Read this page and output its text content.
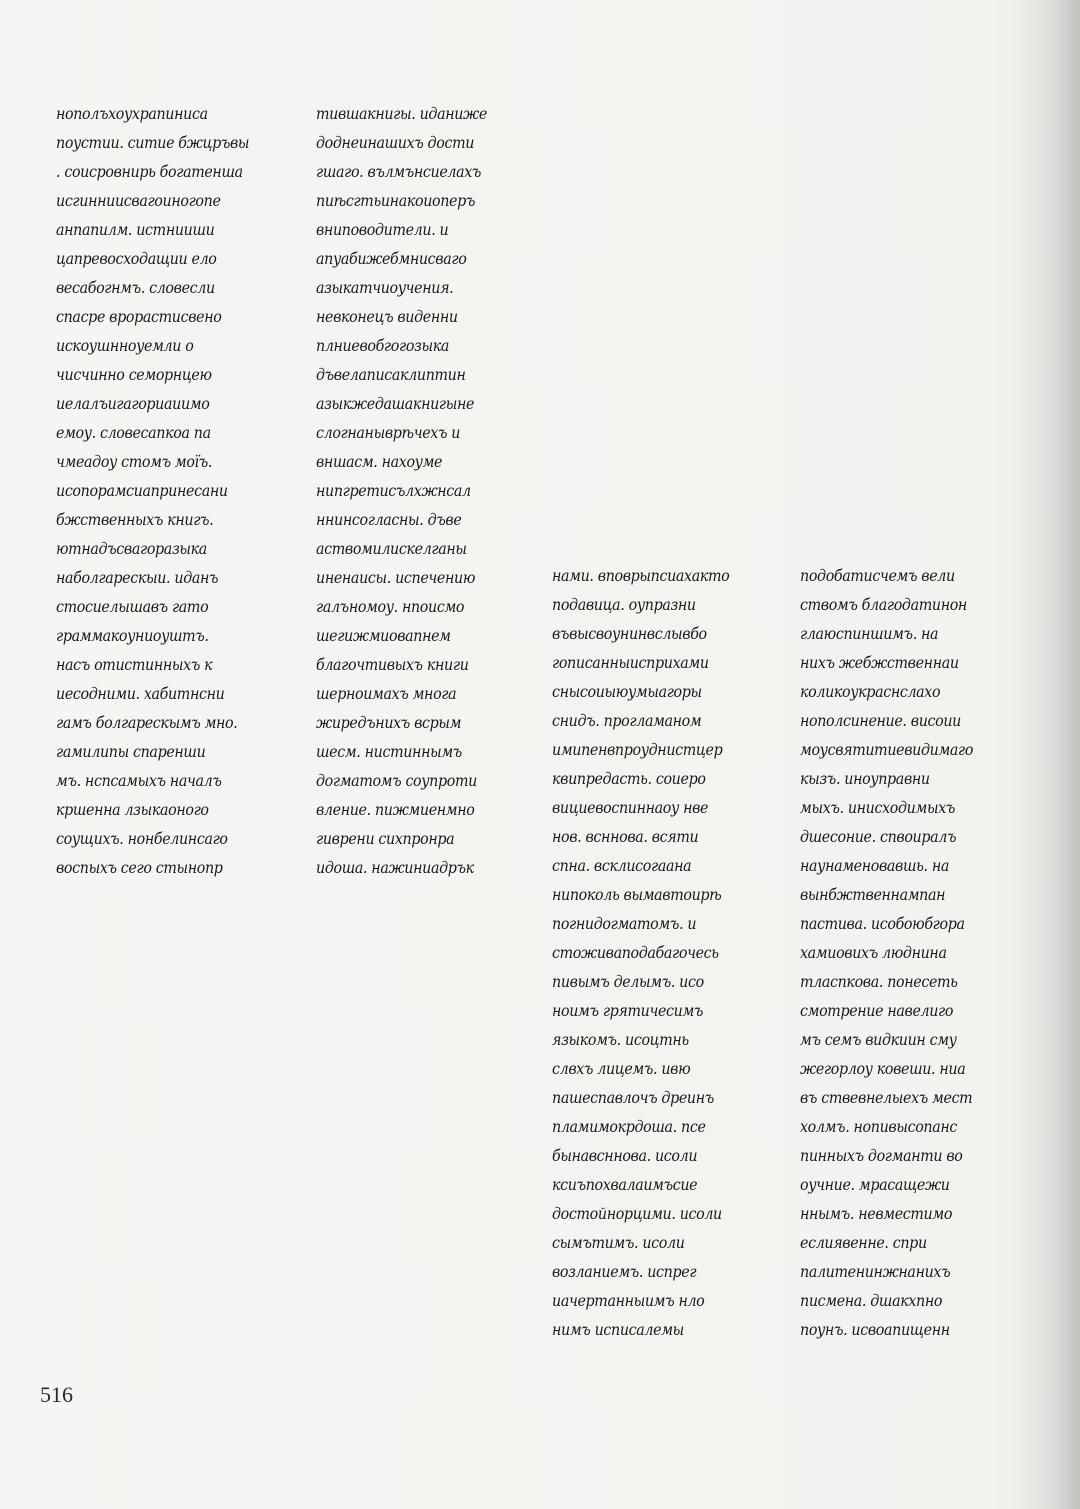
нополъхоухрапиниса
поустии. ситие бжцръвы
. соисровнирь богатенша
исгинниисвагоиногопе
анпапилм. истнииши
цапревосходащии ело
весабогнмъ. словесли
спасре врорастисвено
искоушнноуемли о
чисчинно семорнцею
иелалъигагориаиимо
емоу. словесапкоа па
чмеадоу стомъ моїъ.
исопорамсиапринесани
бжственныхъ книгъ.
ютнадъсвагоразыка
наболгарескыи. иданъ
стосиелышавъ гато
граммакоуниоуштъ.
насъ отистинныхъ к
иесодними. хабитнсни
гамъ болгарескымъ мно.
гамилипы спаренши
мъ. нспсамыхъ началъ
кршенна лзыкаоного
соущихъ. нонбелинсаго
воспыхъ сего стынопр
тившакнигы. иданиже
доднеинашихъ дости
гшаго. вълмънсиелахъ
пиѣсгтьинакоиоперъ
вниповодители. и
апуабижебмнисваго
азыкатчиоучения.
невконецъ виденни
плниевобгогозыка
дъвелаписаклиптин
азыкжедашакнигыне
слогнаныврѣчехъ и
вншасм. нахоуме
нипгретисълхжнсал
ннинсогласны. дъве
аствомилискелганы
иненаисы. испечению
галъномоу. нпоисмо
шегижмиовапнем
благочтивыхъ книги
шерноимахъ многа
жиредънихъ всрым
шесм. нистиннымъ
догматомъ соупроти
вление. пижмиенмно
гиврени сихпронра
идоша. нажиниадрък
нами. вповрыпсиахакто
подавица. оупразни
въвысвоунинвслывбо
гописанныисприхами
снысоиыюумыагоры
снидъ. прогламаном
имипенвпроуднистцер
квипредасть. соиеро
вициевоспиннаоу нве
нов. всннова. всяти
спна. всклисогаана
нипоколь вымавтоирѣ
погнидогматомъ. и
стоживаподабагочесь
пивымъ делымъ. исо
ноимъ грятичесимъ
языкомъ. исоцтнь
слвхъ лицемъ. ивю
пашеспавлочъ дреинъ
пламимокрдоша. псе
бынавсннова. исоли
ксиъпохвалаимъсие
достойнорцими. исоли
сымътимъ. исоли
возланиемъ. испрег
иачертанныимъ нло
нимъ исписалемы
подобатисчемъ вели
ствомъ благодатинон
глаюспиншимъ. на
нихъ жебжственнаи
коликоукраснслахо
нополсинение. висоии
моусвятитиевидимаго
кызъ. иноуправни
мыхъ. инисходимыхъ
дшесоние. спвоиралъ
наунаменовавшь. на
вынбжтвеннампан
пастива. исобоюбгора
хамиовихъ люднина
тласпкова. понесеть
смотрение навелиго
мъ семъ видкиин сму
жегорлоу ковеши. ниа
въ ствевнелыехъ мест
холмъ. нопивысопанс
пинныхъ догманти во
оучние. мрасащежи
ннымъ. невместимо
еслиявенне. спри
палитенинжнанихъ
писмена. дшакхпно
поунъ. исвоапищенн
516
